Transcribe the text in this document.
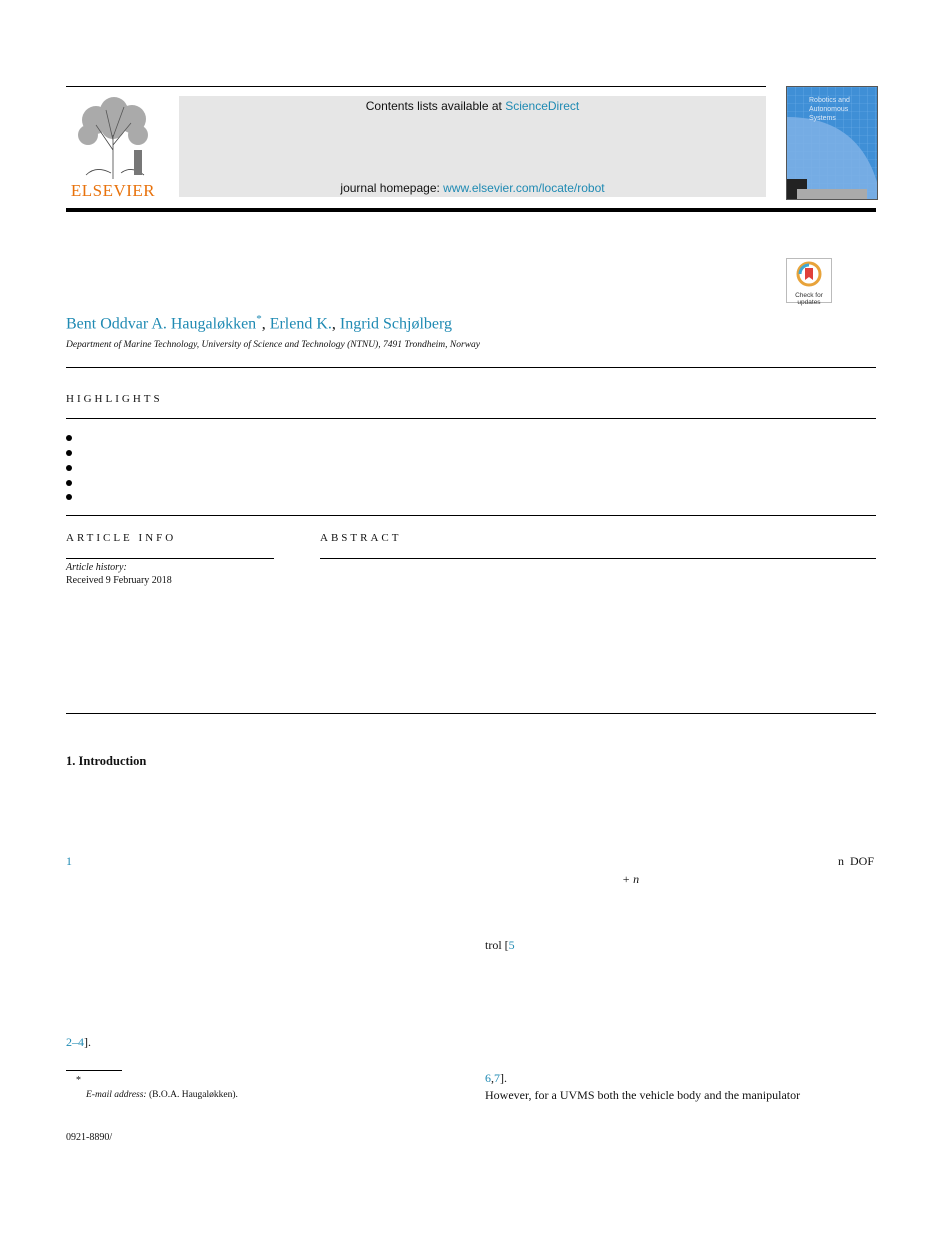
ELSEVIER
Contents lists available at ScienceDirect
journal homepage: www.elsevier.com/locate/robot
Robotics and
Autonomous Systems
Check for
updates
Bent Oddvar A. Haugaløkken*, Erlend K., Ingrid Schjølberg
Department of Marine Technology, University of Science and Technology (NTNU), 7491 Trondheim, Norway
HIGHLIGHTS
ARTICLE INFO	ABSTRACT
Article history:
Received 9 February 2018
1. Introduction
1	n  DOF
+ n
trol [5
2–4].
6,7].
However, for a UVMS both the vehicle body and the manipulator
*
E-mail address: (B.O.A. Haugaløkken).
0921-8890/
